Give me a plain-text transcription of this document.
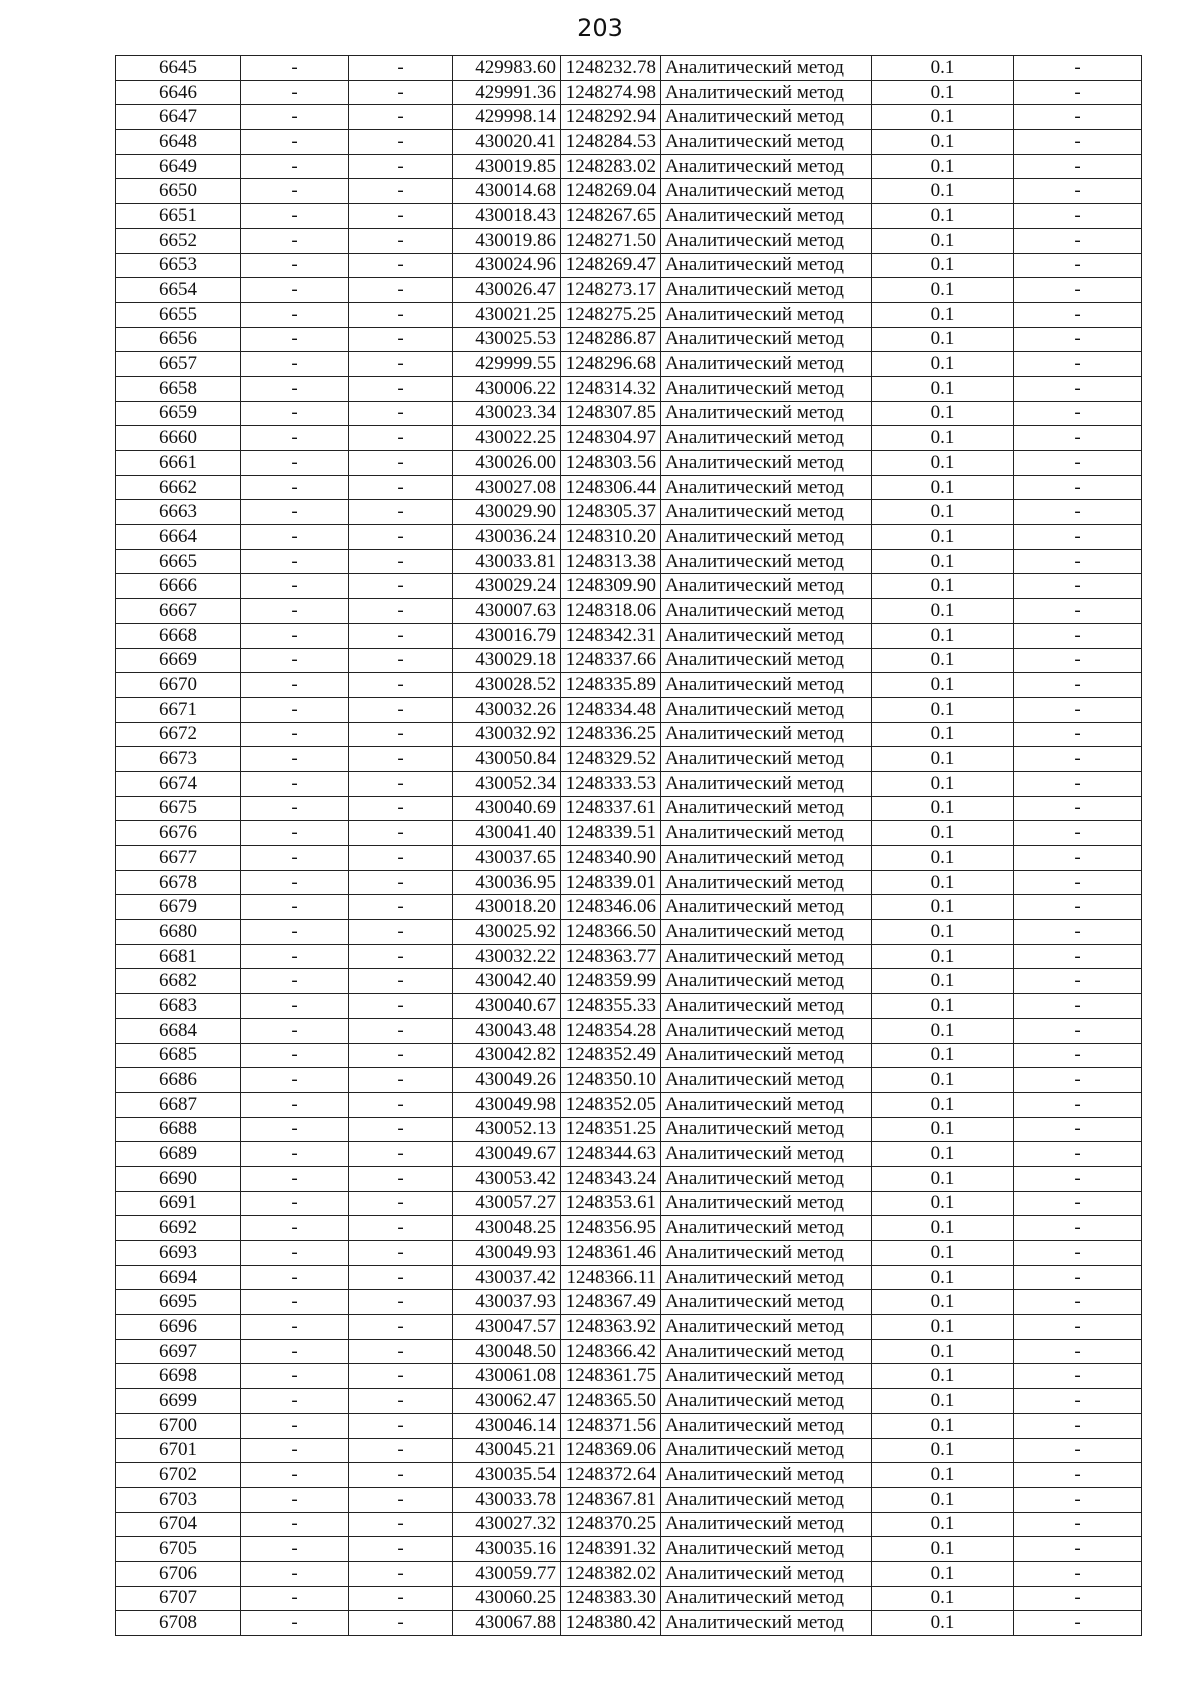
203
6645	-	-	429983.60	1248232.78	Аналитический метод	0.1	-
6646	-	-	429991.36	1248274.98	Аналитический метод	0.1	-
6647	-	-	429998.14	1248292.94	Аналитический метод	0.1	-
6648	-	-	430020.41	1248284.53	Аналитический метод	0.1	-
6649	-	-	430019.85	1248283.02	Аналитический метод	0.1	-
6650	-	-	430014.68	1248269.04	Аналитический метод	0.1	-
6651	-	-	430018.43	1248267.65	Аналитический метод	0.1	-
6652	-	-	430019.86	1248271.50	Аналитический метод	0.1	-
6653	-	-	430024.96	1248269.47	Аналитический метод	0.1	-
6654	-	-	430026.47	1248273.17	Аналитический метод	0.1	-
6655	-	-	430021.25	1248275.25	Аналитический метод	0.1	-
6656	-	-	430025.53	1248286.87	Аналитический метод	0.1	-
6657	-	-	429999.55	1248296.68	Аналитический метод	0.1	-
6658	-	-	430006.22	1248314.32	Аналитический метод	0.1	-
6659	-	-	430023.34	1248307.85	Аналитический метод	0.1	-
6660	-	-	430022.25	1248304.97	Аналитический метод	0.1	-
6661	-	-	430026.00	1248303.56	Аналитический метод	0.1	-
6662	-	-	430027.08	1248306.44	Аналитический метод	0.1	-
6663	-	-	430029.90	1248305.37	Аналитический метод	0.1	-
6664	-	-	430036.24	1248310.20	Аналитический метод	0.1	-
6665	-	-	430033.81	1248313.38	Аналитический метод	0.1	-
6666	-	-	430029.24	1248309.90	Аналитический метод	0.1	-
6667	-	-	430007.63	1248318.06	Аналитический метод	0.1	-
6668	-	-	430016.79	1248342.31	Аналитический метод	0.1	-
6669	-	-	430029.18	1248337.66	Аналитический метод	0.1	-
6670	-	-	430028.52	1248335.89	Аналитический метод	0.1	-
6671	-	-	430032.26	1248334.48	Аналитический метод	0.1	-
6672	-	-	430032.92	1248336.25	Аналитический метод	0.1	-
6673	-	-	430050.84	1248329.52	Аналитический метод	0.1	-
6674	-	-	430052.34	1248333.53	Аналитический метод	0.1	-
6675	-	-	430040.69	1248337.61	Аналитический метод	0.1	-
6676	-	-	430041.40	1248339.51	Аналитический метод	0.1	-
6677	-	-	430037.65	1248340.90	Аналитический метод	0.1	-
6678	-	-	430036.95	1248339.01	Аналитический метод	0.1	-
6679	-	-	430018.20	1248346.06	Аналитический метод	0.1	-
6680	-	-	430025.92	1248366.50	Аналитический метод	0.1	-
6681	-	-	430032.22	1248363.77	Аналитический метод	0.1	-
6682	-	-	430042.40	1248359.99	Аналитический метод	0.1	-
6683	-	-	430040.67	1248355.33	Аналитический метод	0.1	-
6684	-	-	430043.48	1248354.28	Аналитический метод	0.1	-
6685	-	-	430042.82	1248352.49	Аналитический метод	0.1	-
6686	-	-	430049.26	1248350.10	Аналитический метод	0.1	-
6687	-	-	430049.98	1248352.05	Аналитический метод	0.1	-
6688	-	-	430052.13	1248351.25	Аналитический метод	0.1	-
6689	-	-	430049.67	1248344.63	Аналитический метод	0.1	-
6690	-	-	430053.42	1248343.24	Аналитический метод	0.1	-
6691	-	-	430057.27	1248353.61	Аналитический метод	0.1	-
6692	-	-	430048.25	1248356.95	Аналитический метод	0.1	-
6693	-	-	430049.93	1248361.46	Аналитический метод	0.1	-
6694	-	-	430037.42	1248366.11	Аналитический метод	0.1	-
6695	-	-	430037.93	1248367.49	Аналитический метод	0.1	-
6696	-	-	430047.57	1248363.92	Аналитический метод	0.1	-
6697	-	-	430048.50	1248366.42	Аналитический метод	0.1	-
6698	-	-	430061.08	1248361.75	Аналитический метод	0.1	-
6699	-	-	430062.47	1248365.50	Аналитический метод	0.1	-
6700	-	-	430046.14	1248371.56	Аналитический метод	0.1	-
6701	-	-	430045.21	1248369.06	Аналитический метод	0.1	-
6702	-	-	430035.54	1248372.64	Аналитический метод	0.1	-
6703	-	-	430033.78	1248367.81	Аналитический метод	0.1	-
6704	-	-	430027.32	1248370.25	Аналитический метод	0.1	-
6705	-	-	430035.16	1248391.32	Аналитический метод	0.1	-
6706	-	-	430059.77	1248382.02	Аналитический метод	0.1	-
6707	-	-	430060.25	1248383.30	Аналитический метод	0.1	-
6708	-	-	430067.88	1248380.42	Аналитический метод	0.1	-
